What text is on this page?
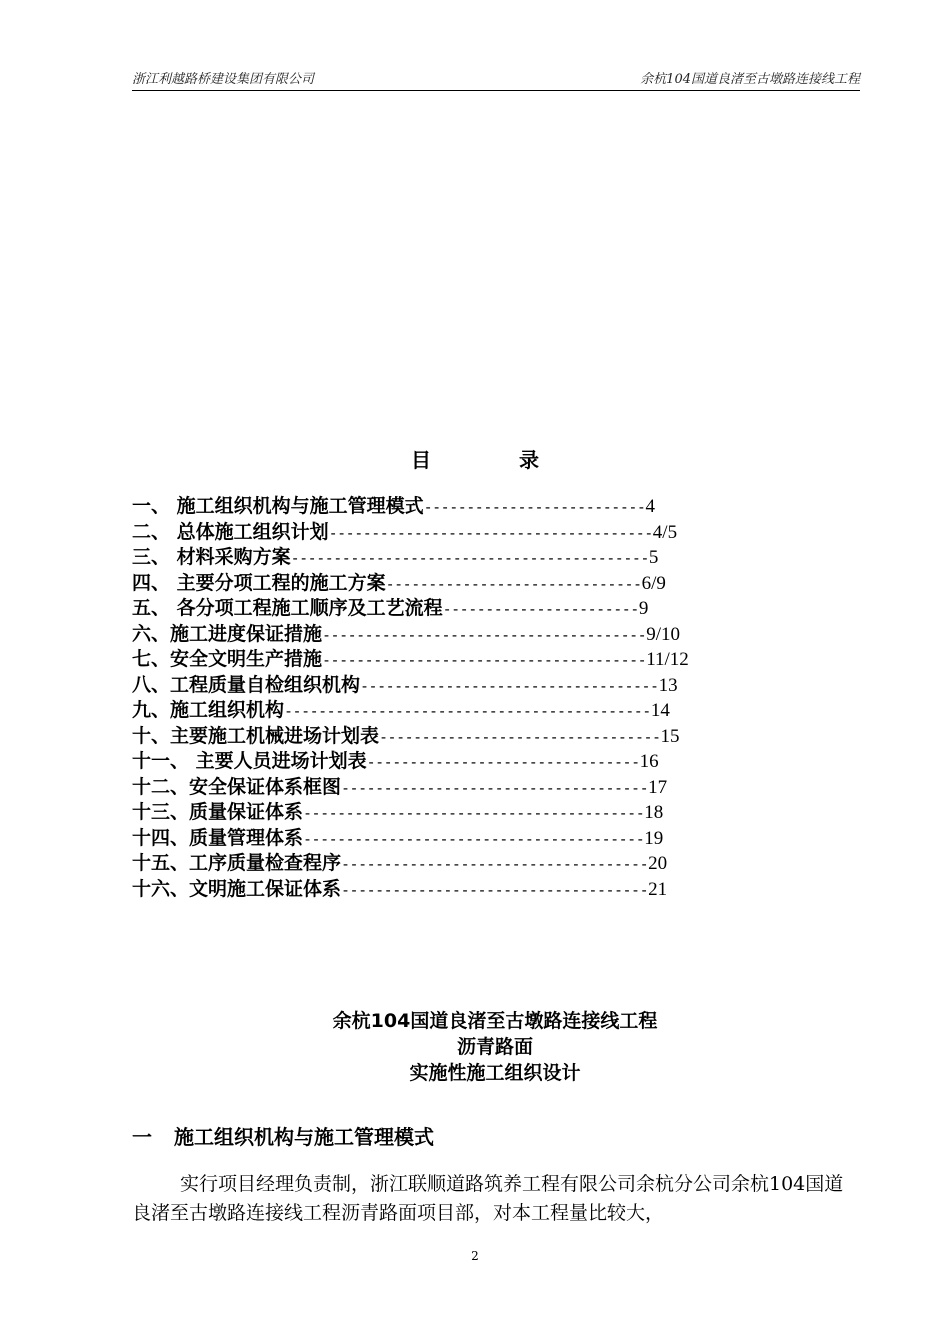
浙江利越路桥建设集团有限公司	余杭104国道良渚至古墩路连接线工程
目	录
一、 施工组织机构与施工管理模式--------------------------4
二、 总体施工组织计划--------------------------------------4/5
三、 材料采购方案------------------------------------------5
四、 主要分项工程的施工方案------------------------------6/9
五、 各分项工程施工顺序及工艺流程-----------------------9
六、施工进度保证措施--------------------------------------9/10
七、安全文明生产措施--------------------------------------11/12
八、工程质量自检组织机构-----------------------------------13
九、施工组织机构-------------------------------------------14
十、主要施工机械进场计划表---------------------------------15
十一、 主要人员进场计划表--------------------------------16
十二、安全保证体系框图------------------------------------17
十三、质量保证体系----------------------------------------18
十四、质量管理体系----------------------------------------19
十五、工序质量检查程序------------------------------------20
十六、文明施工保证体系------------------------------------21
余杭104国道良渚至古墩路连接线工程
沥青路面
实施性施工组织设计
一 施工组织机构与施工管理模式
实行项目经理负责制，浙江联顺道路筑养工程有限公司余杭分公司余杭104国道良渚至古墩路连接线工程沥青路面项目部，对本工程量比较大，
2
